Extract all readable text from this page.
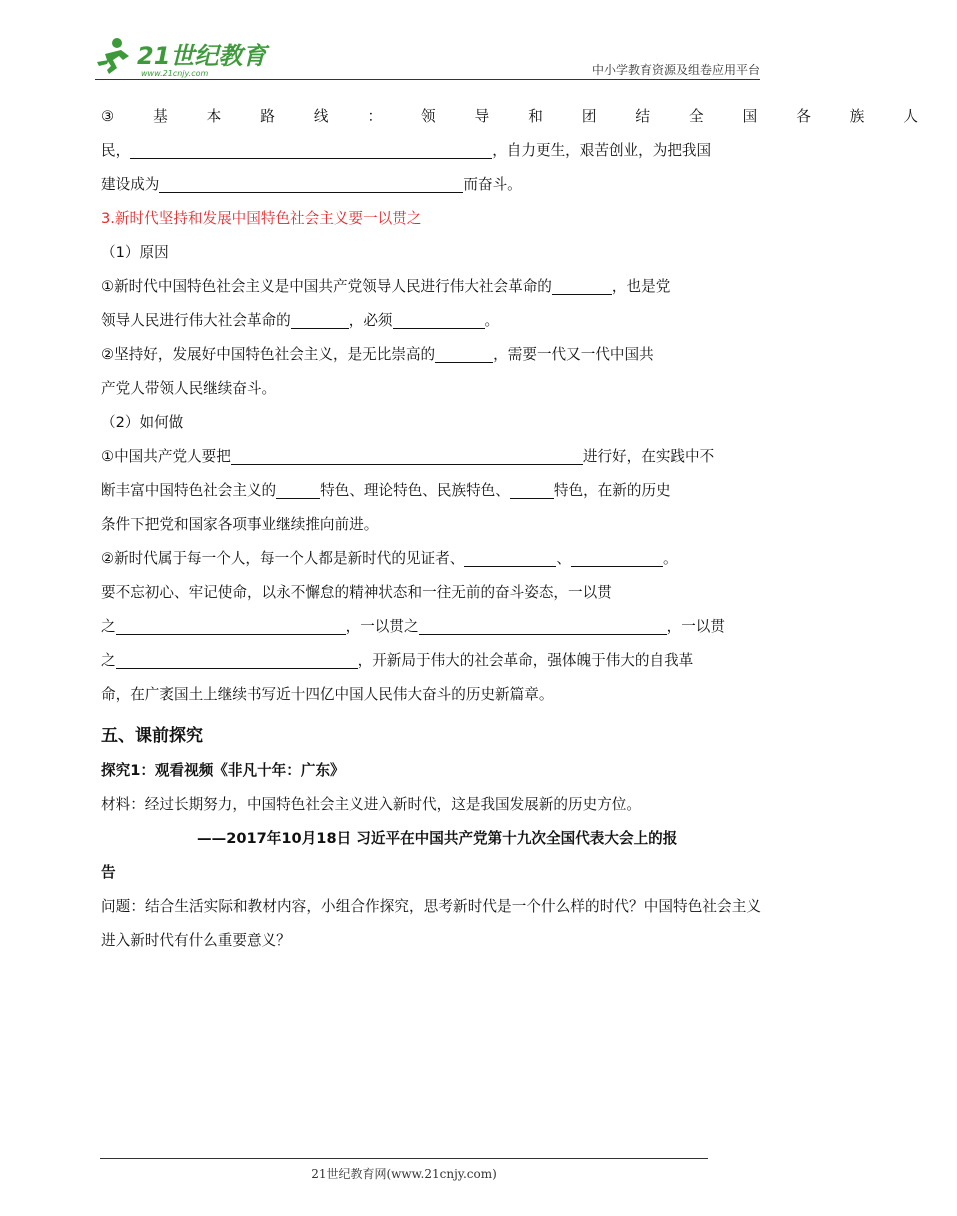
21世纪教育
www.21cnjy.com	中小学教育资源及组卷应用平台

③基本路线：领导和团结全国各族人

民，	，自力更生，艰苦创业，为把我国

建设成为	而奋斗。

3.新时代坚持和发展中国特色社会主义要一以贯之

（1）原因

①新时代中国特色社会主义是中国共产党领导人民进行伟大社会革命的	，也是党

领导人民进行伟大社会革命的	，必须	。

②坚持好，发展好中国特色社会主义，是无比崇高的	，需要一代又一代中国共

产党人带领人民继续奋斗。

（2）如何做

①中国共产党人要把	进行好，在实践中不

断丰富中国特色社会主义的	特色、理论特色、民族特色、	特色，在新的历史

条件下把党和国家各项事业继续推向前进。

②新时代属于每一个人，每一个人都是新时代的见证者、	、	。

要不忘初心、牢记使命，以永不懈怠的精神状态和一往无前的奋斗姿态，一以贯

之	，一以贯之	，一以贯

之	，开新局于伟大的社会革命，强体魄于伟大的自我革

命，在广袤国土上继续书写近十四亿中国人民伟大奋斗的历史新篇章。

五、课前探究

探究1：观看视频《非凡十年：广东》

材料：经过长期努力，中国特色社会主义进入新时代，这是我国发展新的历史方位。

——2017年10月18日 习近平在中国共产党第十九次全国代表大会上的报

告

问题：结合生活实际和教材内容，小组合作探究，思考新时代是一个什么样的时代？中国特色社会主义进入新时代有什么重要意义？

21世纪教育网(www.21cnjy.com)
